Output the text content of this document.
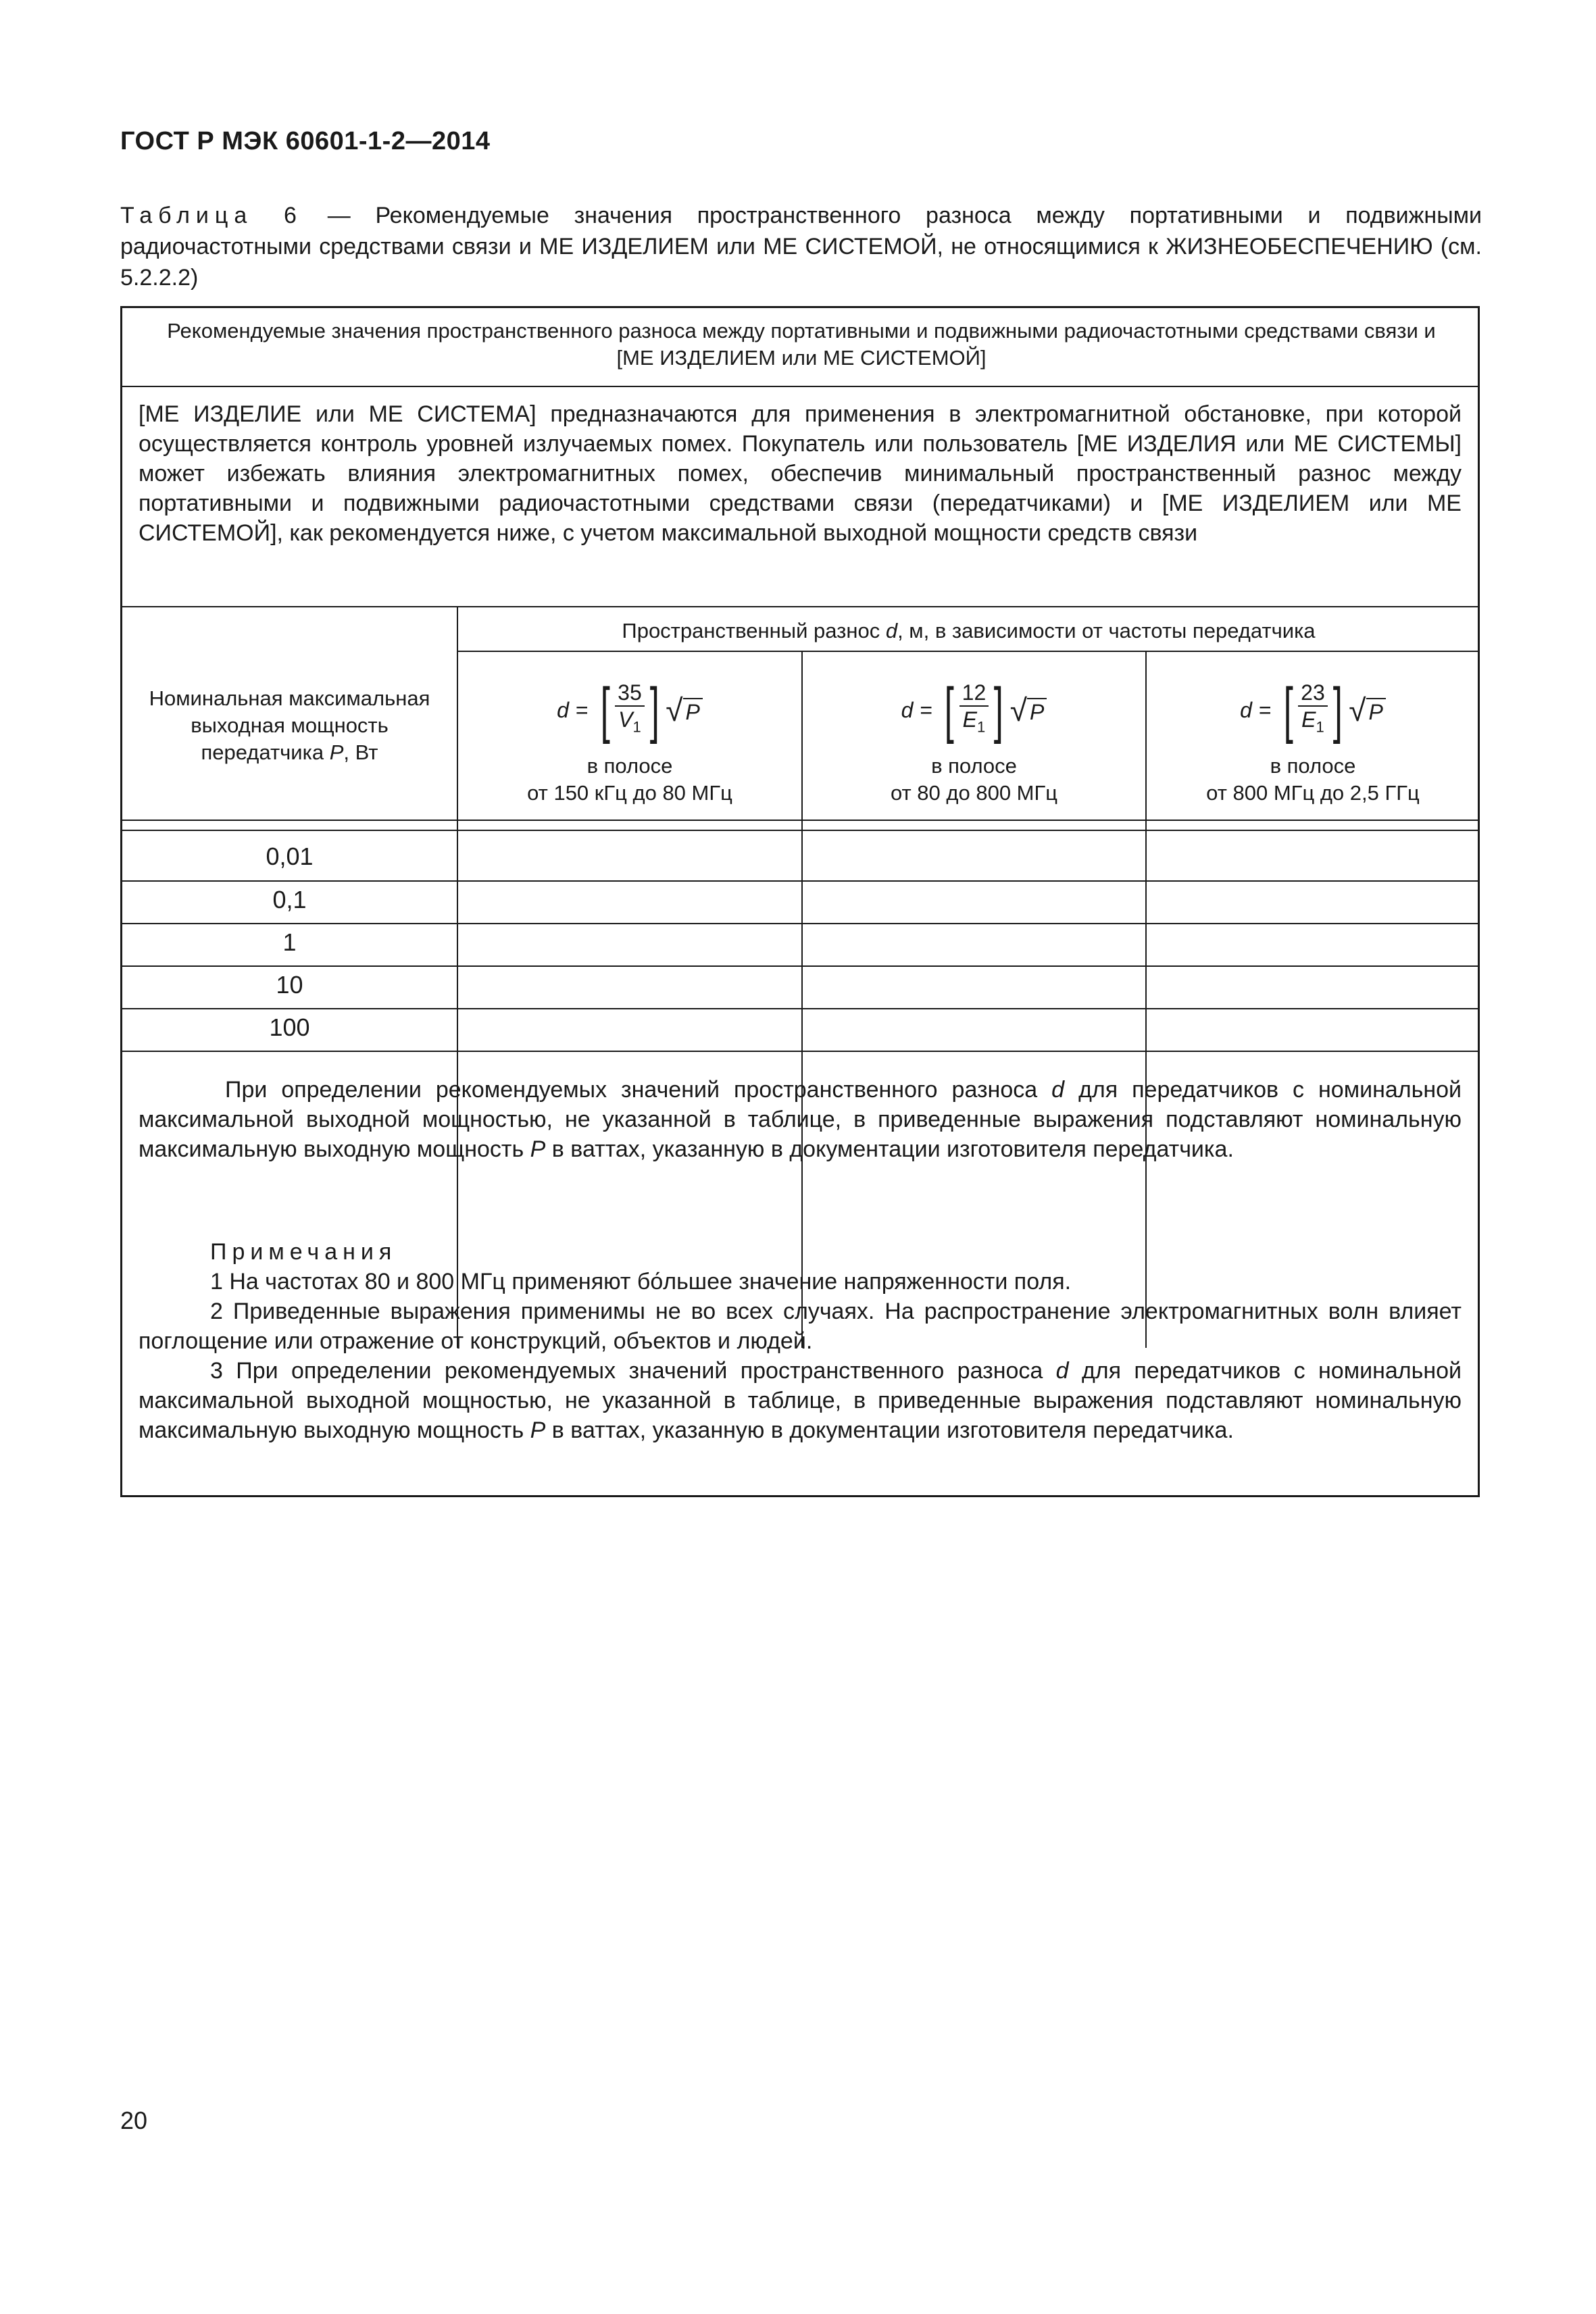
ГОСТ Р МЭК 60601-1-2—2014
Таблица 6 — Рекомендуемые значения пространственного разноса между портативными и подвижными радиочастотными средствами связи и МЕ ИЗДЕЛИЕМ или МЕ СИСТЕМОЙ, не относящимися к ЖИЗНЕОБЕСПЕЧЕНИЮ (см. 5.2.2.2)
Рекомендуемые значения пространственного разноса между портативными и подвижными радиочастотными средствами связи и [МЕ ИЗДЕЛИЕМ или МЕ СИСТЕМОЙ]
[МЕ ИЗДЕЛИЕ или МЕ СИСТЕМА] предназначаются для применения в электромагнитной обстановке, при которой осуществляется контроль уровней излучаемых помех. Покупатель или пользователь [МЕ ИЗДЕЛИЯ или МЕ СИСТЕМЫ] может избежать влияния электромагнитных помех, обеспечив минимальный пространственный разнос между портативными и подвижными радиочастотными средствами связи (передатчиками) и [МЕ ИЗДЕЛИЕМ или МЕ СИСТЕМОЙ], как рекомендуется ниже, с учетом максимальной выходной мощности средств связи
Номинальная максимальная выходная мощность передатчика P, Вт
Пространственный разнос d, м, в зависимости от частоты передатчика
d = [ $\frac{35}{V_1}$ ] √ P
в полосе
от 150 кГц до 80 МГц
d = [ $\frac{12}{E_1}$ ] √ P
в полосе
от 80 до 800 МГц
d = [ $\frac{23}{E_1}$ ] √ P
в полосе
от 800 МГц до 2,5 ГГц
0,01
0,1
1
10
100
При определении рекомендуемых значений пространственного разноса d для передатчиков с номинальной максимальной выходной мощностью, не указанной в таблице, в приведенные выражения подставляют номинальную максимальную выходную мощность P в ваттах, указанную в документации изготовителя передатчика.
Примечания
1 На частотах 80 и 800 МГц применяют бо́льшее значение напряженности поля.
2 Приведенные выражения применимы не во всех случаях. На распространение электромагнитных волн влияет поглощение или отражение от конструкций, объектов и людей.
3 При определении рекомендуемых значений пространственного разноса d для передатчиков с номинальной максимальной выходной мощностью, не указанной в таблице, в приведенные выражения подставляют номинальную максимальную выходную мощность P в ваттах, указанную в документации изготовителя передатчика.
20
